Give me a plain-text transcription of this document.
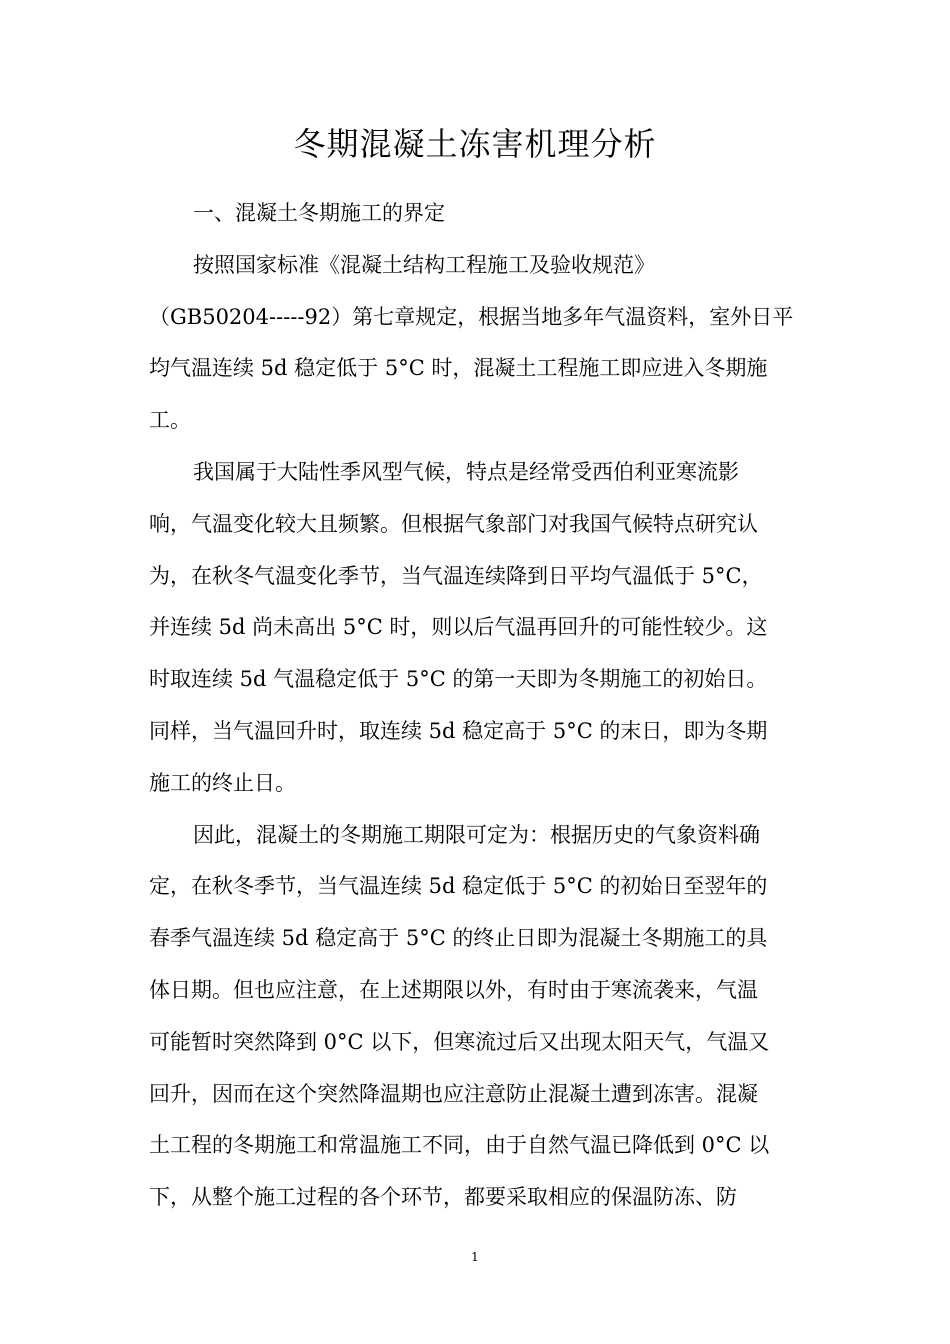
冬期混凝土冻害机理分析

一、混凝土冬期施工的界定

按照国家标准《混凝土结构工程施工及验收规范》

（GB50204-----92）第七章规定，根据当地多年气温资料，室外日平

均气温连续 5d 稳定低于 5°C 时，混凝土工程施工即应进入冬期施

工。

我国属于大陆性季风型气候，特点是经常受西伯利亚寒流影

响，气温变化较大且频繁。但根据气象部门对我国气候特点研究认

为，在秋冬气温变化季节，当气温连续降到日平均气温低于 5°C，

并连续 5d 尚未高出 5°C 时，则以后气温再回升的可能性较少。这

时取连续 5d 气温稳定低于 5°C 的第一天即为冬期施工的初始日。

同样，当气温回升时，取连续 5d 稳定高于 5°C 的末日，即为冬期

施工的终止日。

因此，混凝土的冬期施工期限可定为：根据历史的气象资料确

定，在秋冬季节，当气温连续 5d 稳定低于 5°C 的初始日至翌年的

春季气温连续 5d 稳定高于 5°C 的终止日即为混凝土冬期施工的具

体日期。但也应注意，在上述期限以外，有时由于寒流袭来，气温

可能暂时突然降到 0°C 以下，但寒流过后又出现太阳天气，气温又

回升，因而在这个突然降温期也应注意防止混凝土遭到冻害。混凝

土工程的冬期施工和常温施工不同，由于自然气温已降低到 0°C 以

下，从整个施工过程的各个环节，都要采取相应的保温防冻、防

1
